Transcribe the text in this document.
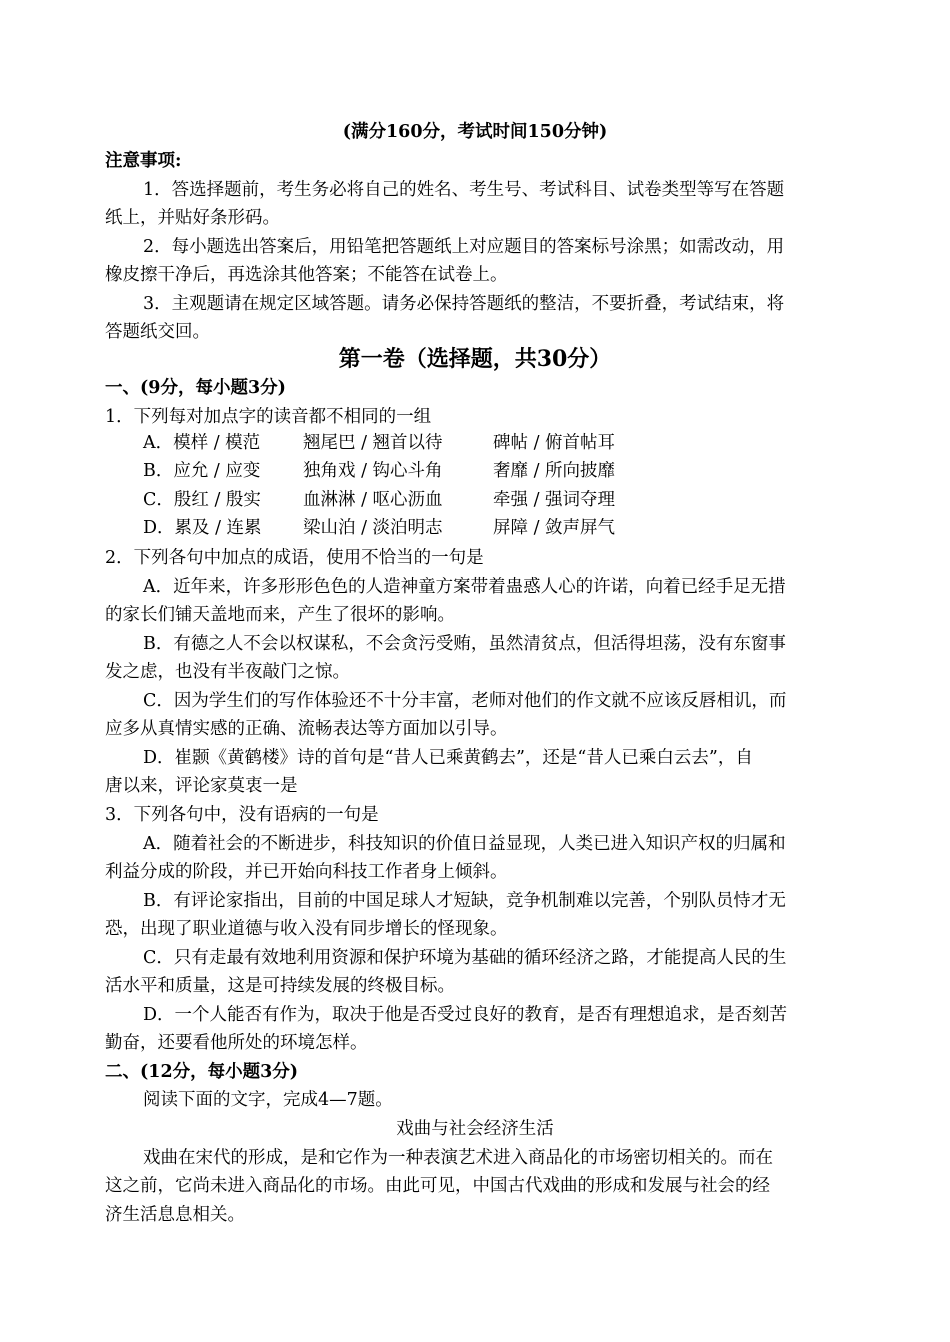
(满分160分，考试时间150分钟)
注意事项:
1．答选择题前，考生务必将自己的姓名、考生号、考试科目、试卷类型等写在答题
纸上，并贴好条形码。
2．每小题选出答案后，用铅笔把答题纸上对应题目的答案标号涂黑；如需改动，用
橡皮擦干净后，再选涂其他答案；不能答在试卷上。
3．主观题请在规定区域答题。请务必保持答题纸的整洁，不要折叠，考试结束，将
答题纸交回。
第一卷（选择题，共30分）
一、(9分，每小题3分)
1．下列每对加点字的读音都不相同的一组
A．模样 / 模范 翘尾巴 / 翘首以待	碑帖 / 俯首帖耳
B．应允 / 应变 独角戏 / 钩心斗角	奢靡 / 所向披靡
C．殷红 / 殷实 血淋淋 / 呕心沥血	牵强 / 强词夺理
D．累及 / 连累 梁山泊 / 淡泊明志	屏障 / 敛声屏气
2．下列各句中加点的成语，使用不恰当的一句是
A．近年来，许多形形色色的人造神童方案带着蛊惑人心的许诺，向着已经手足无措
的家长们铺天盖地而来，产生了很坏的影响。
B．有德之人不会以权谋私，不会贪污受贿，虽然清贫点，但活得坦荡，没有东窗事
发之虑，也没有半夜敲门之惊。
C．因为学生们的写作体验还不十分丰富，老师对他们的作文就不应该反唇相讥，而
应多从真情实感的正确、流畅表达等方面加以引导。
D．崔颢《黄鹤楼》诗的首句是“昔人已乘黄鹤去”，还是“昔人已乘白云去”，自
唐以来，评论家莫衷一是
3．下列各句中，没有语病的一句是
A．随着社会的不断进步，科技知识的价值日益显现，人类已进入知识产权的归属和
利益分成的阶段，并已开始向科技工作者身上倾斜。
B．有评论家指出，目前的中国足球人才短缺，竞争机制难以完善，个别队员恃才无
恐，出现了职业道德与收入没有同步增长的怪现象。
C．只有走最有效地利用资源和保护环境为基础的循环经济之路，才能提高人民的生
活水平和质量，这是可持续发展的终极目标。
D．一个人能否有作为，取决于他是否受过良好的教育，是否有理想追求，是否刻苦
勤奋，还要看他所处的环境怎样。
二、(12分，每小题3分)
阅读下面的文字，完成4—7题。
戏曲与社会经济生活
戏曲在宋代的形成，是和它作为一种表演艺术进入商品化的市场密切相关的。而在
这之前，它尚未进入商品化的市场。由此可见，中国古代戏曲的形成和发展与社会的经
济生活息息相关。
